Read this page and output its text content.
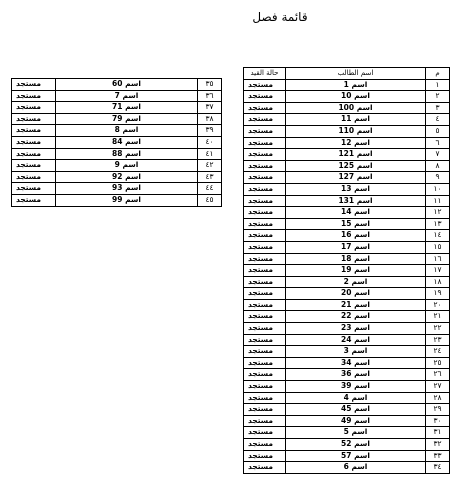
قائمة فصل
حالة القيد	اسم الطالب	م
مستجد	اسم 1	١
مستجد	اسم 10	٢
مستجد	اسم 100	٣
مستجد	اسم 11	٤
مستجد	اسم 110	٥
مستجد	اسم 12	٦
مستجد	اسم 121	٧
مستجد	اسم 125	٨
مستجد	اسم 127	٩
مستجد	اسم 13	١٠
مستجد	اسم 131	١١
مستجد	اسم 14	١٢
مستجد	اسم 15	١٣
مستجد	اسم 16	١٤
مستجد	اسم 17	١٥
مستجد	اسم 18	١٦
مستجد	اسم 19	١٧
مستجد	اسم 2	١٨
مستجد	اسم 20	١٩
مستجد	اسم 21	٢٠
مستجد	اسم 22	٢١
مستجد	اسم 23	٢٢
مستجد	اسم 24	٢٣
مستجد	اسم 3	٢٤
مستجد	اسم 34	٢٥
مستجد	اسم 36	٢٦
مستجد	اسم 39	٢٧
مستجد	اسم 4	٢٨
مستجد	اسم 45	٢٩
مستجد	اسم 49	٣٠
مستجد	اسم 5	٣١
مستجد	اسم 52	٣٢
مستجد	اسم 57	٣٣
مستجد	اسم 6	٣٤
مستجد	اسم 60	٣٥
مستجد	اسم 7	٣٦
مستجد	اسم 71	٣٧
مستجد	اسم 79	٣٨
مستجد	اسم 8	٣٩
مستجد	اسم 84	٤٠
مستجد	اسم 88	٤١
مستجد	اسم 9	٤٢
مستجد	اسم 92	٤٣
مستجد	اسم 93	٤٤
مستجد	اسم 99	٤٥
